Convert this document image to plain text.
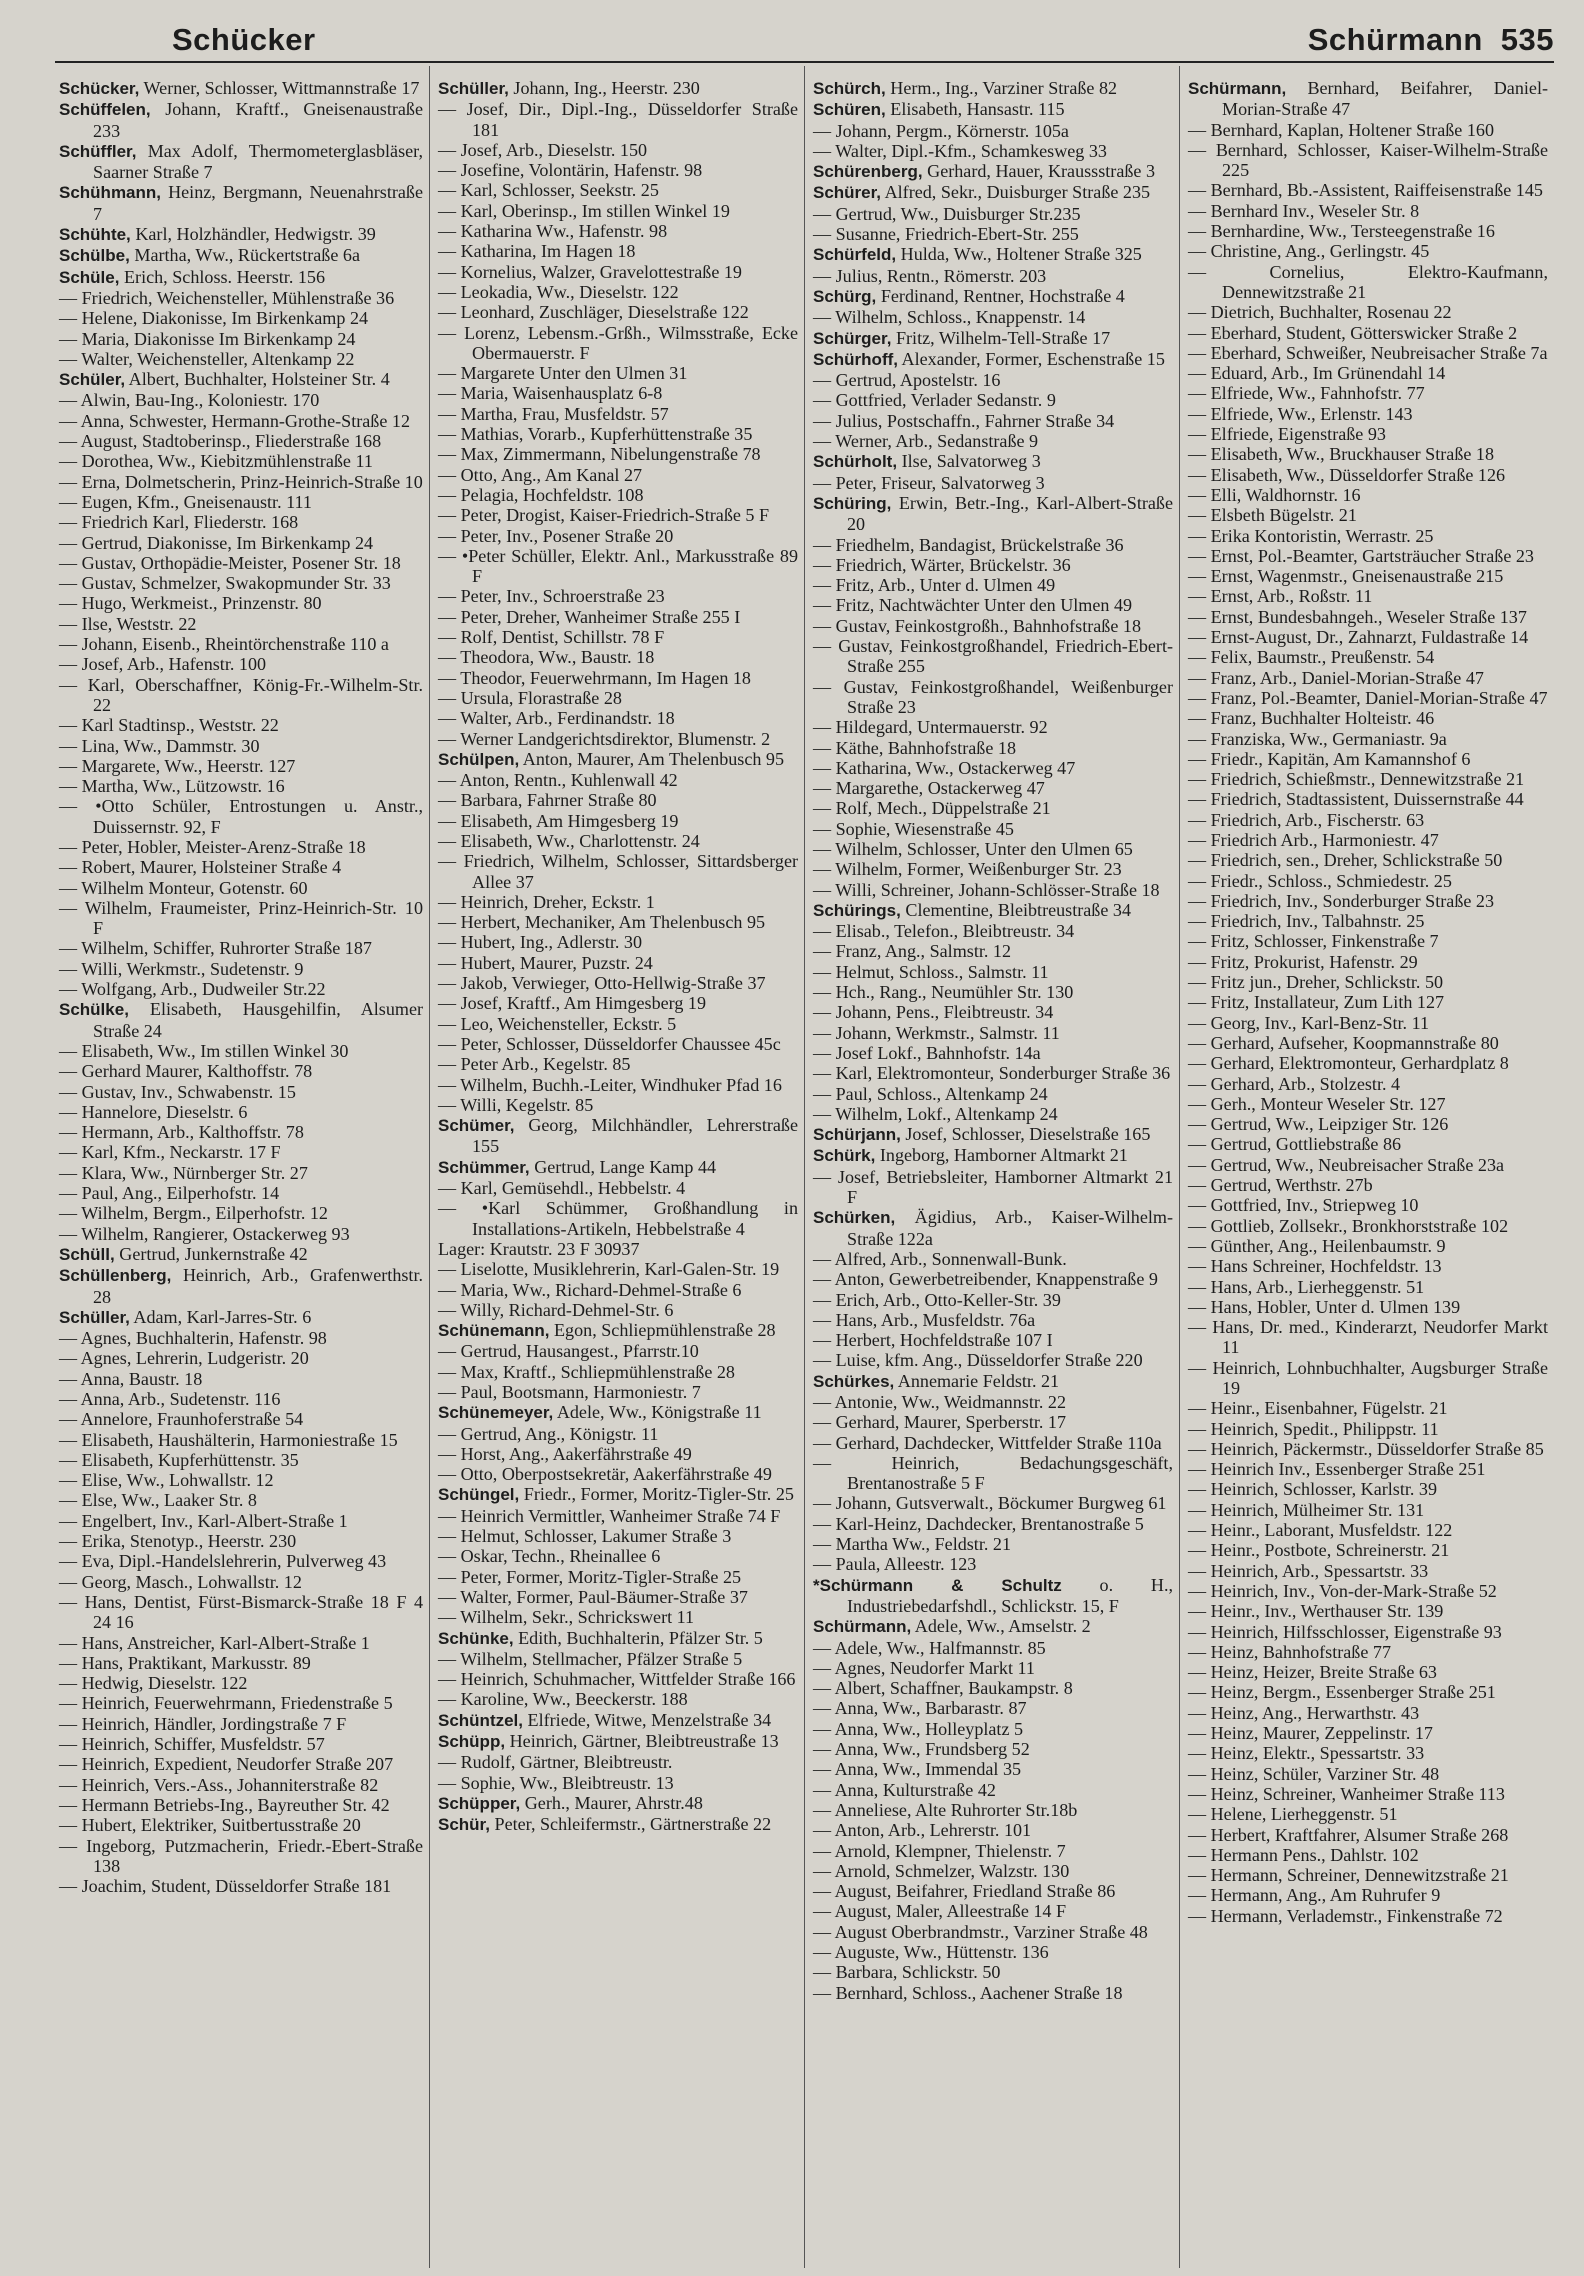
Schücker	Schürmann 535

Schücker, Werner, Schlosser, Wittmannstraße 17

Schüffelen, Johann, Kraftf., Gneisenaustraße 233

Schüffler, Max Adolf, Thermometerglasbläser, Saarner Straße 7

Schühmann, Heinz, Bergmann, Neuenahrstraße 7

Schühte, Karl, Holzhändler, Hedwigstr. 39

Schülbe, Martha, Ww., Rückertstraße 6a

Schüle, Erich, Schloss. Heerstr. 156

— Friedrich, Weichensteller, Mühlenstraße 36

— Helene, Diakonisse, Im Birkenkamp 24

— Maria, Diakonisse Im Birkenkamp 24

— Walter, Weichensteller, Altenkamp 22

Schüler, Albert, Buchhalter, Holsteiner Str. 4

— Alwin, Bau-Ing., Koloniestr. 170

— Anna, Schwester, Hermann-Grothe-Straße 12

— August, Stadtoberinsp., Fliederstraße 168

— Dorothea, Ww., Kiebitzmühlenstraße 11

— Erna, Dolmetscherin, Prinz-Heinrich-Straße 10

— Eugen, Kfm., Gneisenaustr. 111

— Friedrich Karl, Fliederstr. 168

— Gertrud, Diakonisse, Im Birkenkamp 24

— Gustav, Orthopädie-Meister, Posener Str. 18

— Gustav, Schmelzer, Swakopmunder Str. 33

— Hugo, Werkmeist., Prinzenstr. 80

— Ilse, Weststr. 22

— Johann, Eisenb., Rheintörchenstraße 110 a

— Josef, Arb., Hafenstr. 100

— Karl, Oberschaffner, König-Fr.-Wilhelm-Str. 22

— Karl Stadtinsp., Weststr. 22

— Lina, Ww., Dammstr. 30

— Margarete, Ww., Heerstr. 127

— Martha, Ww., Lützowstr. 16

— •Otto Schüler, Entrostungen u. Anstr., Duissernstr. 92, F

— Peter, Hobler, Meister-Arenz-Straße 18

— Robert, Maurer, Holsteiner Straße 4

— Wilhelm Monteur, Gotenstr. 60

— Wilhelm, Fraumeister, Prinz-Heinrich-Str. 10 F

— Wilhelm, Schiffer, Ruhrorter Straße 187

— Willi, Werkmstr., Sudetenstr. 9

— Wolfgang, Arb., Dudweiler Str.22

Schülke, Elisabeth, Hausgehilfin, Alsumer Straße 24

— Elisabeth, Ww., Im stillen Winkel 30

— Gerhard Maurer, Kalthoffstr. 78

— Gustav, Inv., Schwabenstr. 15

— Hannelore, Dieselstr. 6

— Hermann, Arb., Kalthoffstr. 78

— Karl, Kfm., Neckarstr. 17 F

— Klara, Ww., Nürnberger Str. 27

— Paul, Ang., Eilperhofstr. 14

— Wilhelm, Bergm., Eilperhofstr. 12

— Wilhelm, Rangierer, Ostackerweg 93

Schüll, Gertrud, Junkernstraße 42

Schüllenberg, Heinrich, Arb., Grafenwerthstr. 28

Schüller, Adam, Karl-Jarres-Str. 6

— Agnes, Buchhalterin, Hafenstr. 98

— Agnes, Lehrerin, Ludgeristr. 20

— Anna, Baustr. 18

— Anna, Arb., Sudetenstr. 116

— Annelore, Fraunhoferstraße 54

— Elisabeth, Haushälterin, Harmoniestraße 15

— Elisabeth, Kupferhüttenstr. 35

— Elise, Ww., Lohwallstr. 12

— Else, Ww., Laaker Str. 8

— Engelbert, Inv., Karl-Albert-Straße 1

— Erika, Stenotyp., Heerstr. 230

— Eva, Dipl.-Handelslehrerin, Pulverweg 43

— Georg, Masch., Lohwallstr. 12

— Hans, Dentist, Fürst-Bismarck-Straße 18 F 4 24 16

— Hans, Anstreicher, Karl-Albert-Straße 1

— Hans, Praktikant, Markusstr. 89

— Hedwig, Dieselstr. 122

— Heinrich, Feuerwehrmann, Friedenstraße 5

— Heinrich, Händler, Jordingstraße 7 F

— Heinrich, Schiffer, Musfeldstr. 57

— Heinrich, Expedient, Neudorfer Straße 207

— Heinrich, Vers.-Ass., Johanniterstraße 82

— Hermann Betriebs-Ing., Bayreuther Str. 42

— Hubert, Elektriker, Suitbertusstraße 20

— Ingeborg, Putzmacherin, Friedr.-Ebert-Straße 138

— Joachim, Student, Düsseldorfer Straße 181

Schüller, Johann, Ing., Heerstr. 230

— Josef, Dir., Dipl.-Ing., Düsseldorfer Straße 181

— Josef, Arb., Dieselstr. 150

— Josefine, Volontärin, Hafenstr. 98

— Karl, Schlosser, Seekstr. 25

— Karl, Oberinsp., Im stillen Winkel 19

— Katharina Ww., Hafenstr. 98

— Katharina, Im Hagen 18

— Kornelius, Walzer, Gravelottestraße 19

— Leokadia, Ww., Dieselstr. 122

— Leonhard, Zuschläger, Dieselstraße 122

— Lorenz, Lebensm.-Grßh., Wilmsstraße, Ecke Obermauerstr. F

— Margarete Unter den Ulmen 31

— Maria, Waisenhausplatz 6-8

— Martha, Frau, Musfeldstr. 57

— Mathias, Vorarb., Kupferhüttenstraße 35

— Max, Zimmermann, Nibelungenstraße 78

— Otto, Ang., Am Kanal 27

— Pelagia, Hochfeldstr. 108

— Peter, Drogist, Kaiser-Friedrich-Straße 5 F

— Peter, Inv., Posener Straße 20

— •Peter Schüller, Elektr. Anl., Markusstraße 89 F

— Peter, Inv., Schroerstraße 23

— Peter, Dreher, Wanheimer Straße 255 I

— Rolf, Dentist, Schillstr. 78 F

— Theodora, Ww., Baustr. 18

— Theodor, Feuerwehrmann, Im Hagen 18

— Ursula, Florastraße 28

— Walter, Arb., Ferdinandstr. 18

— Werner Landgerichtsdirektor, Blumenstr. 2

Schülpen, Anton, Maurer, Am Thelenbusch 95

— Anton, Rentn., Kuhlenwall 42

— Barbara, Fahrner Straße 80

— Elisabeth, Am Himgesberg 19

— Elisabeth, Ww., Charlottenstr. 24

— Friedrich, Wilhelm, Schlosser, Sittardsberger Allee 37

— Heinrich, Dreher, Eckstr. 1

— Herbert, Mechaniker, Am Thelenbusch 95

— Hubert, Ing., Adlerstr. 30

— Hubert, Maurer, Puzstr. 24

— Jakob, Verwieger, Otto-Hellwig-Straße 37

— Josef, Kraftf., Am Himgesberg 19

— Leo, Weichensteller, Eckstr. 5

— Peter, Schlosser, Düsseldorfer Chaussee 45c

— Peter Arb., Kegelstr. 85

— Wilhelm, Buchh.-Leiter, Windhuker Pfad 16

— Willi, Kegelstr. 85

Schümer, Georg, Milchhändler, Lehrerstraße 155

Schümmer, Gertrud, Lange Kamp 44

— Karl, Gemüsehdl., Hebbelstr. 4

— •Karl Schümmer, Großhandlung in Installations-Artikeln, Hebbelstraße 4

Lager: Krautstr. 23 F 30937

— Liselotte, Musiklehrerin, Karl-Galen-Str. 19

— Maria, Ww., Richard-Dehmel-Straße 6

— Willy, Richard-Dehmel-Str. 6

Schünemann, Egon, Schliepmühlenstraße 28

— Gertrud, Hausangest., Pfarrstr.10

— Max, Kraftf., Schliepmühlenstraße 28

— Paul, Bootsmann, Harmoniestr. 7

Schünemeyer, Adele, Ww., Königstraße 11

— Gertrud, Ang., Königstr. 11

— Horst, Ang., Aakerfährstraße 49

— Otto, Oberpostsekretär, Aakerfährstraße 49

Schüngel, Friedr., Former, Moritz-Tigler-Str. 25

— Heinrich Vermittler, Wanheimer Straße 74 F

— Helmut, Schlosser, Lakumer Straße 3

— Oskar, Techn., Rheinallee 6

— Peter, Former, Moritz-Tigler-Straße 25

— Walter, Former, Paul-Bäumer-Straße 37

— Wilhelm, Sekr., Schrickswert 11

Schünke, Edith, Buchhalterin, Pfälzer Str. 5

— Wilhelm, Stellmacher, Pfälzer Straße 5

— Heinrich, Schuhmacher, Wittfelder Straße 166

— Karoline, Ww., Beeckerstr. 188

Schüntzel, Elfriede, Witwe, Menzelstraße 34

Schüpp, Heinrich, Gärtner, Bleibtreustraße 13

— Rudolf, Gärtner, Bleibtreustr.

— Sophie, Ww., Bleibtreustr. 13

Schüpper, Gerh., Maurer, Ahrstr.48

Schür, Peter, Schleifermstr., Gärtnerstraße 22

Schürch, Herm., Ing., Varziner Straße 82

Schüren, Elisabeth, Hansastr. 115

— Johann, Pergm., Körnerstr. 105a

— Walter, Dipl.-Kfm., Schamkesweg 33

Schürenberg, Gerhard, Hauer, Kraussstraße 3

Schürer, Alfred, Sekr., Duisburger Straße 235

— Gertrud, Ww., Duisburger Str.235

— Susanne, Friedrich-Ebert-Str. 255

Schürfeld, Hulda, Ww., Holtener Straße 325

— Julius, Rentn., Römerstr. 203

Schürg, Ferdinand, Rentner, Hochstraße 4

— Wilhelm, Schloss., Knappenstr. 14

Schürger, Fritz, Wilhelm-Tell-Straße 17

Schürhoff, Alexander, Former, Eschenstraße 15

— Gertrud, Apostelstr. 16

— Gottfried, Verlader Sedanstr. 9

— Julius, Postschaffn., Fahrner Straße 34

— Werner, Arb., Sedanstraße 9

Schürholt, Ilse, Salvatorweg 3

— Peter, Friseur, Salvatorweg 3

Schüring, Erwin, Betr.-Ing., Karl-Albert-Straße 20

— Friedhelm, Bandagist, Brückelstraße 36

— Friedrich, Wärter, Brückelstr. 36

— Fritz, Arb., Unter d. Ulmen 49

— Fritz, Nachtwächter Unter den Ulmen 49

— Gustav, Feinkostgroßh., Bahnhofstraße 18

— Gustav, Feinkostgroßhandel, Friedrich-Ebert-Straße 255

— Gustav, Feinkostgroßhandel, Weißenburger Straße 23

— Hildegard, Untermauerstr. 92

— Käthe, Bahnhofstraße 18

— Katharina, Ww., Ostackerweg 47

— Margarethe, Ostackerweg 47

— Rolf, Mech., Düppelstraße 21

— Sophie, Wiesenstraße 45

— Wilhelm, Schlosser, Unter den Ulmen 65

— Wilhelm, Former, Weißenburger Str. 23

— Willi, Schreiner, Johann-Schlösser-Straße 18

Schürings, Clementine, Bleibtreustraße 34

— Elisab., Telefon., Bleibtreustr. 34

— Franz, Ang., Salmstr. 12

— Helmut, Schloss., Salmstr. 11

— Hch., Rang., Neumühler Str. 130

— Johann, Pens., Fleibtreustr. 34

— Johann, Werkmstr., Salmstr. 11

— Josef Lokf., Bahnhofstr. 14a

— Karl, Elektromonteur, Sonderburger Straße 36

— Paul, Schloss., Altenkamp 24

— Wilhelm, Lokf., Altenkamp 24

Schürjann, Josef, Schlosser, Dieselstraße 165

Schürk, Ingeborg, Hamborner Altmarkt 21

— Josef, Betriebsleiter, Hamborner Altmarkt 21 F

Schürken, Ägidius, Arb., Kaiser-Wilhelm-Straße 122a

— Alfred, Arb., Sonnenwall-Bunk.

— Anton, Gewerbetreibender, Knappenstraße 9

— Erich, Arb., Otto-Keller-Str. 39

— Hans, Arb., Musfeldstr. 76a

— Herbert, Hochfeldstraße 107 I

— Luise, kfm. Ang., Düsseldorfer Straße 220

Schürkes, Annemarie Feldstr. 21

— Antonie, Ww., Weidmannstr. 22

— Gerhard, Maurer, Sperberstr. 17

— Gerhard, Dachdecker, Wittfelder Straße 110a

— Heinrich, Bedachungsgeschäft, Brentanostraße 5 F

— Johann, Gutsverwalt., Böckumer Burgweg 61

— Karl-Heinz, Dachdecker, Brentanostraße 5

— Martha Ww., Feldstr. 21

— Paula, Alleestr. 123

*Schürmann & Schultz o. H., Industriebedarfshdl., Schlickstr. 15, F

Schürmann, Adele, Ww., Amselstr. 2

— Adele, Ww., Halfmannstr. 85

— Agnes, Neudorfer Markt 11

— Albert, Schaffner, Baukampstr. 8

— Anna, Ww., Barbarastr. 87

— Anna, Ww., Holleyplatz 5

— Anna, Ww., Frundsberg 52

— Anna, Ww., Immendal 35

— Anna, Kulturstraße 42

— Anneliese, Alte Ruhrorter Str.18b

— Anton, Arb., Lehrerstr. 101

— Arnold, Klempner, Thielenstr. 7

— Arnold, Schmelzer, Walzstr. 130

— August, Beifahrer, Friedland Straße 86

— August, Maler, Alleestraße 14 F

— August Oberbrandmstr., Varziner Straße 48

— Auguste, Ww., Hüttenstr. 136

— Barbara, Schlickstr. 50

— Bernhard, Schloss., Aachener Straße 18

Schürmann, Bernhard, Beifahrer, Daniel-Morian-Straße 47

— Bernhard, Kaplan, Holtener Straße 160

— Bernhard, Schlosser, Kaiser-Wilhelm-Straße 225

— Bernhard, Bb.-Assistent, Raiffeisenstraße 145

— Bernhard Inv., Weseler Str. 8

— Bernhardine, Ww., Tersteegenstraße 16

— Christine, Ang., Gerlingstr. 45

— Cornelius, Elektro-Kaufmann, Dennewitzstraße 21

— Dietrich, Buchhalter, Rosenau 22

— Eberhard, Student, Götterswicker Straße 2

— Eberhard, Schweißer, Neubreisacher Straße 7a

— Eduard, Arb., Im Grünendahl 14

— Elfriede, Ww., Fahnhofstr. 77

— Elfriede, Ww., Erlenstr. 143

— Elfriede, Eigenstraße 93

— Elisabeth, Ww., Bruckhauser Straße 18

— Elisabeth, Ww., Düsseldorfer Straße 126

— Elli, Waldhornstr. 16

— Elsbeth Bügelstr. 21

— Erika Kontoristin, Werrastr. 25

— Ernst, Pol.-Beamter, Gartsträucher Straße 23

— Ernst, Wagenmstr., Gneisenaustraße 215

— Ernst, Arb., Roßstr. 11

— Ernst, Bundesbahngeh., Weseler Straße 137

— Ernst-August, Dr., Zahnarzt, Fuldastraße 14

— Felix, Baumstr., Preußenstr. 54

— Franz, Arb., Daniel-Morian-Straße 47

— Franz, Pol.-Beamter, Daniel-Morian-Straße 47

— Franz, Buchhalter Holteistr. 46

— Franziska, Ww., Germaniastr. 9a

— Friedr., Kapitän, Am Kamannshof 6

— Friedrich, Schießmstr., Dennewitzstraße 21

— Friedrich, Stadtassistent, Duissernstraße 44

— Friedrich, Arb., Fischerstr. 63

— Friedrich Arb., Harmoniestr. 47

— Friedrich, sen., Dreher, Schlickstraße 50

— Friedr., Schloss., Schmiedestr. 25

— Friedrich, Inv., Sonderburger Straße 23

— Friedrich, Inv., Talbahnstr. 25

— Fritz, Schlosser, Finkenstraße 7

— Fritz, Prokurist, Hafenstr. 29

— Fritz jun., Dreher, Schlickstr. 50

— Fritz, Installateur, Zum Lith 127

— Georg, Inv., Karl-Benz-Str. 11

— Gerhard, Aufseher, Koopmannstraße 80

— Gerhard, Elektromonteur, Gerhardplatz 8

— Gerhard, Arb., Stolzestr. 4

— Gerh., Monteur Weseler Str. 127

— Gertrud, Ww., Leipziger Str. 126

— Gertrud, Gottliebstraße 86

— Gertrud, Ww., Neubreisacher Straße 23a

— Gertrud, Werthstr. 27b

— Gottfried, Inv., Striepweg 10

— Gottlieb, Zollsekr., Bronkhorststraße 102

— Günther, Ang., Heilenbaumstr. 9

— Hans Schreiner, Hochfeldstr. 13

— Hans, Arb., Lierheggenstr. 51

— Hans, Hobler, Unter d. Ulmen 139

— Hans, Dr. med., Kinderarzt, Neudorfer Markt 11

— Heinrich, Lohnbuchhalter, Augsburger Straße 19

— Heinr., Eisenbahner, Fügelstr. 21

— Heinrich, Spedit., Philippstr. 11

— Heinrich, Päckermstr., Düsseldorfer Straße 85

— Heinrich Inv., Essenberger Straße 251

— Heinrich, Schlosser, Karlstr. 39

— Heinrich, Mülheimer Str. 131

— Heinr., Laborant, Musfeldstr. 122

— Heinr., Postbote, Schreinerstr. 21

— Heinrich, Arb., Spessartstr. 33

— Heinrich, Inv., Von-der-Mark-Straße 52

— Heinr., Inv., Werthauser Str. 139

— Heinrich, Hilfsschlosser, Eigenstraße 93

— Heinz, Bahnhofstraße 77

— Heinz, Heizer, Breite Straße 63

— Heinz, Bergm., Essenberger Straße 251

— Heinz, Ang., Herwarthstr. 43

— Heinz, Maurer, Zeppelinstr. 17

— Heinz, Elektr., Spessartstr. 33

— Heinz, Schüler, Varziner Str. 48

— Heinz, Schreiner, Wanheimer Straße 113

— Helene, Lierheggenstr. 51

— Herbert, Kraftfahrer, Alsumer Straße 268

— Hermann Pens., Dahlstr. 102

— Hermann, Schreiner, Dennewitzstraße 21

— Hermann, Ang., Am Ruhrufer 9

— Hermann, Verlademstr., Finkenstraße 72
